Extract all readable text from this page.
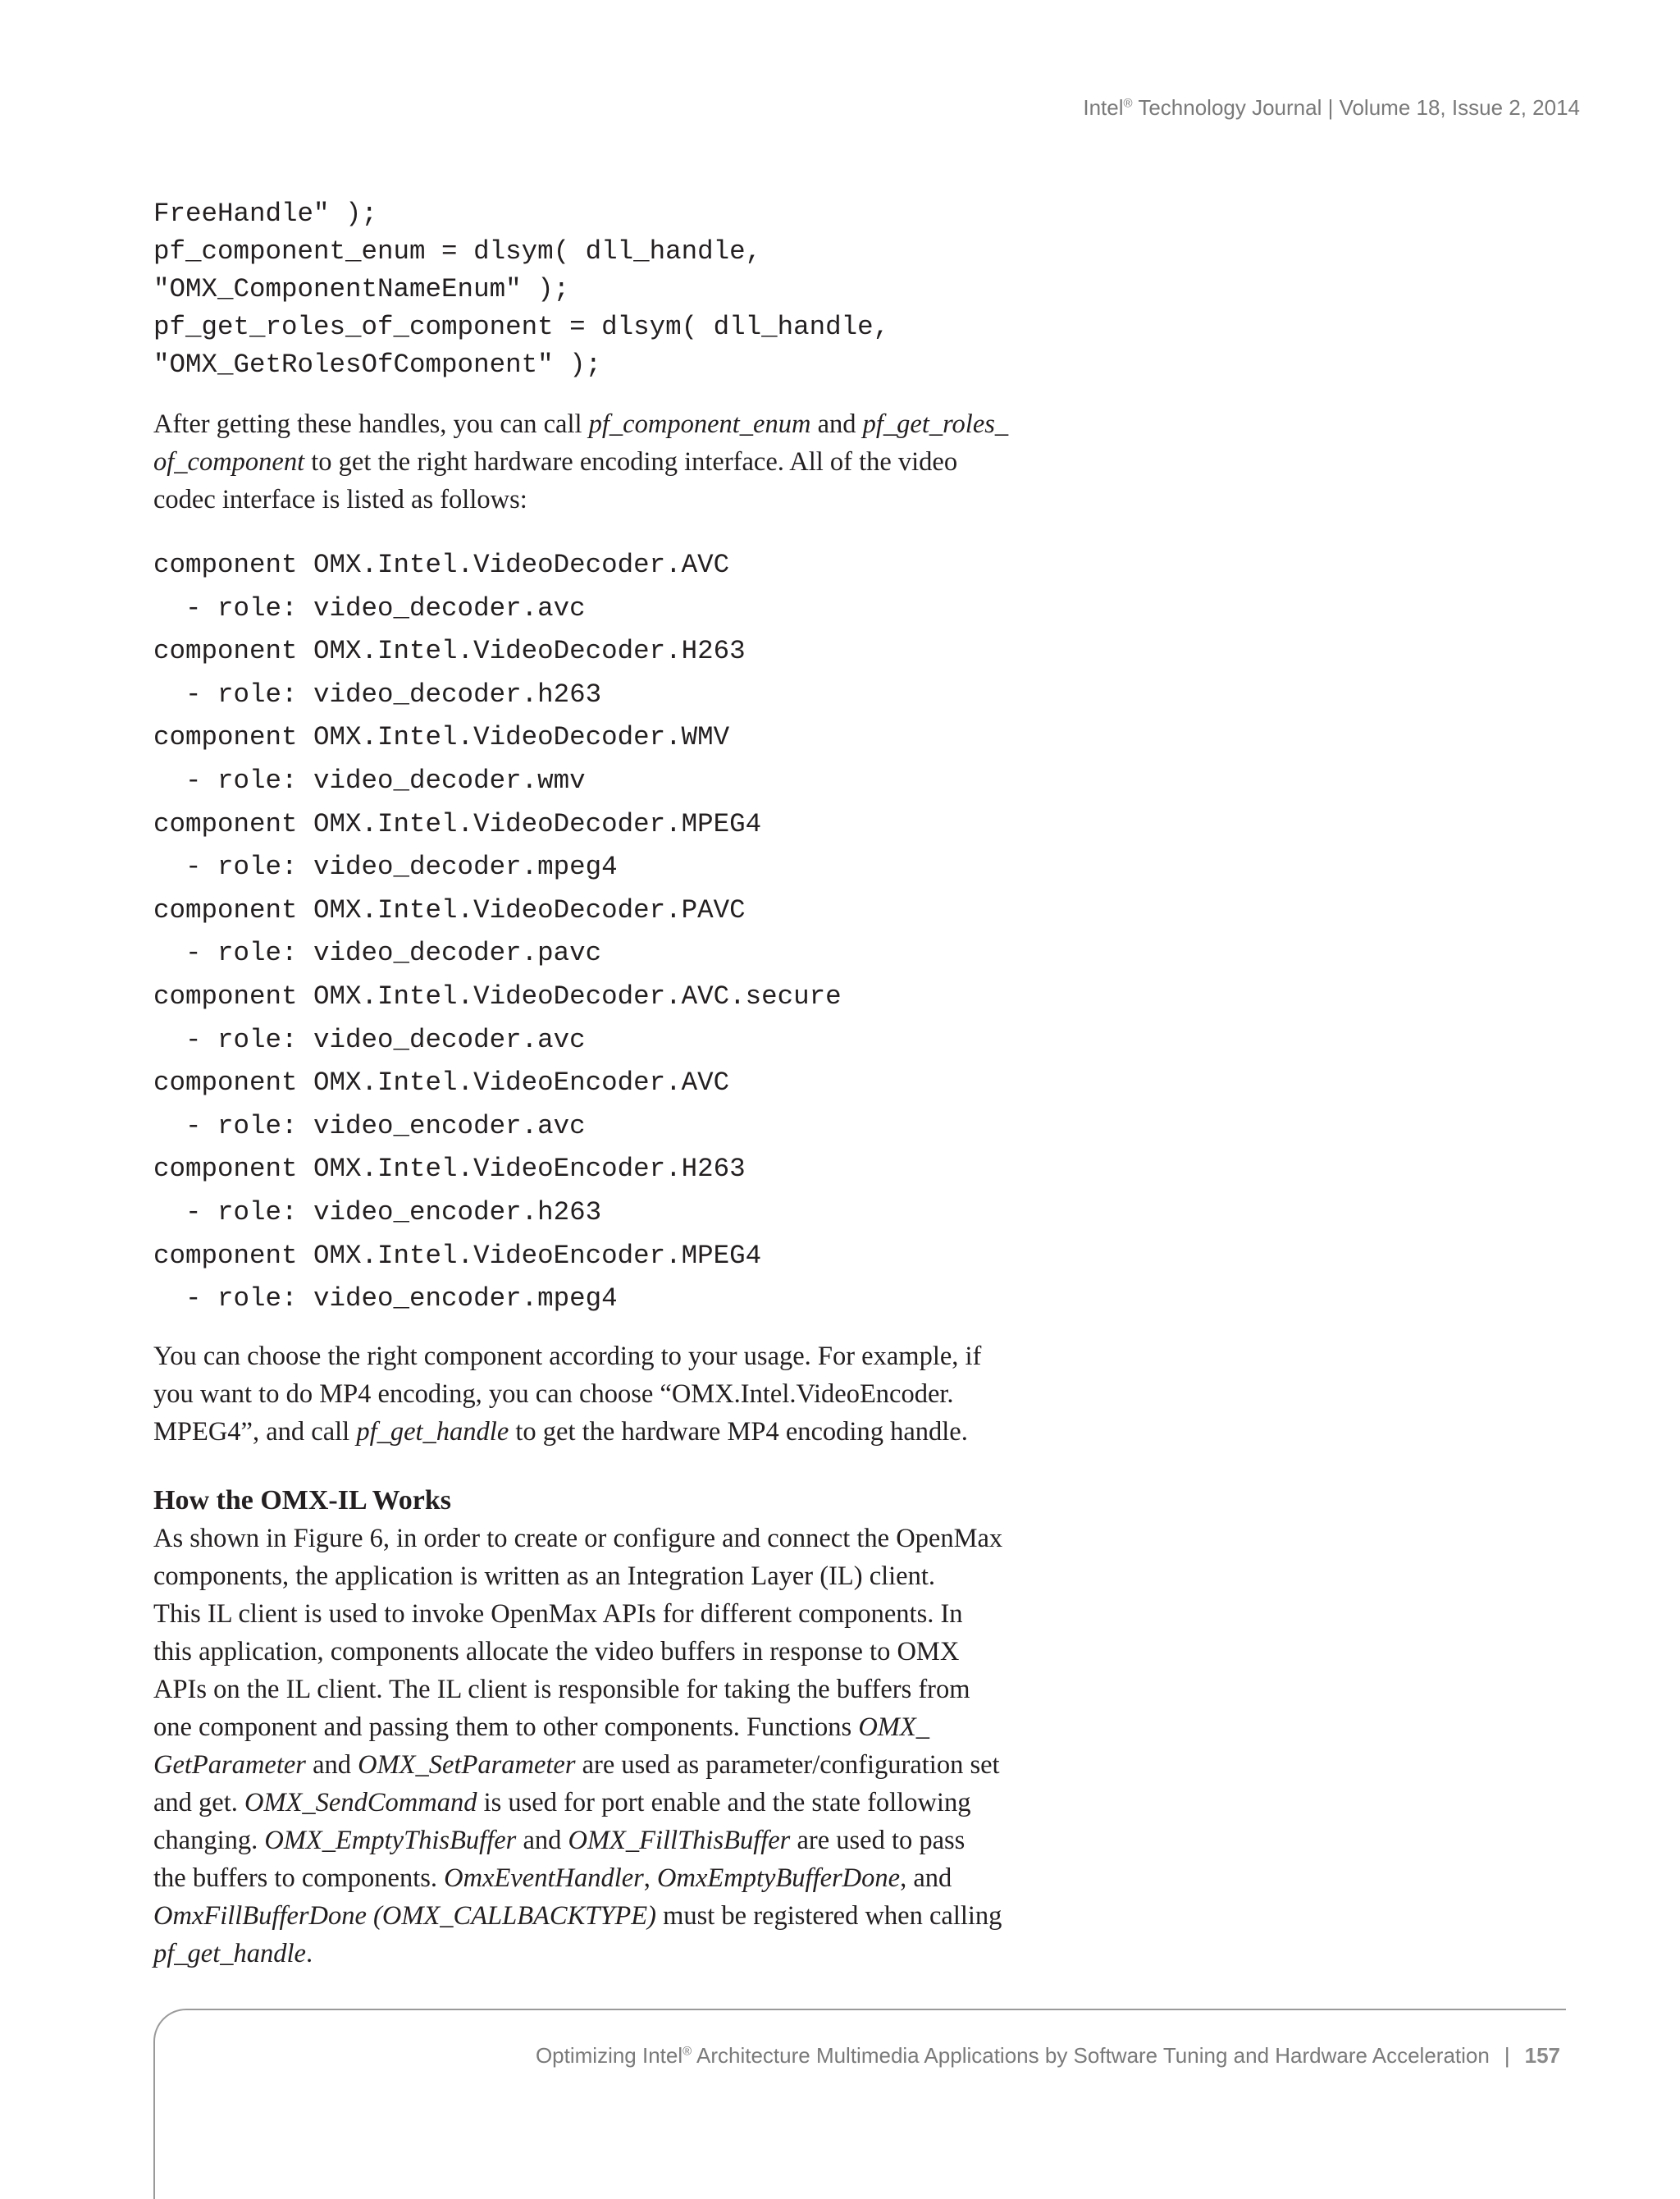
Intel® Technology Journal | Volume 18, Issue 2, 2014
FreeHandle" );
pf_component_enum = dlsym( dll_handle,
"OMX_ComponentNameEnum" );
pf_get_roles_of_component = dlsym( dll_handle,
"OMX_GetRolesOfComponent" );

After getting these handles, you can call pf_component_enum and pf_get_roles_
of_component to get the right hardware encoding interface. All of the video
codec interface is listed as follows:

component OMX.Intel.VideoDecoder.AVC
- role: video_decoder.avc
component OMX.Intel.VideoDecoder.H263
- role: video_decoder.h263
component OMX.Intel.VideoDecoder.WMV
- role: video_decoder.wmv
component OMX.Intel.VideoDecoder.MPEG4
- role: video_decoder.mpeg4
component OMX.Intel.VideoDecoder.PAVC
- role: video_decoder.pavc
component OMX.Intel.VideoDecoder.AVC.secure
- role: video_decoder.avc
component OMX.Intel.VideoEncoder.AVC
- role: video_encoder.avc
component OMX.Intel.VideoEncoder.H263
- role: video_encoder.h263
component OMX.Intel.VideoEncoder.MPEG4
- role: video_encoder.mpeg4

You can choose the right component according to your usage. For example, if
you want to do MP4 encoding, you can choose “OMX.Intel.VideoEncoder.
MPEG4”, and call pf_get_handle to get the hardware MP4 encoding handle.

How the OMX-IL Works

As shown in Figure 6, in order to create or configure and connect the OpenMax
components, the application is written as an Integration Layer (IL) client.
This IL client is used to invoke OpenMax APIs for different components. In
this application, components allocate the video buffers in response to OMX
APIs on the IL client. The IL client is responsible for taking the buffers from
one component and passing them to other components. Functions OMX_
GetParameter and OMX_SetParameter are used as parameter/configuration set
and get. OMX_SendCommand is used for port enable and the state following
changing. OMX_EmptyThisBuffer and OMX_FillThisBuffer are used to pass
the buffers to components. OmxEventHandler, OmxEmptyBufferDone, and
OmxFillBufferDone (OMX_CALLBACKTYPE) must be registered when calling
pf_get_handle.

Optimizing Intel® Architecture Multimedia Applications by Software Tuning and Hardware Acceleration | 157
